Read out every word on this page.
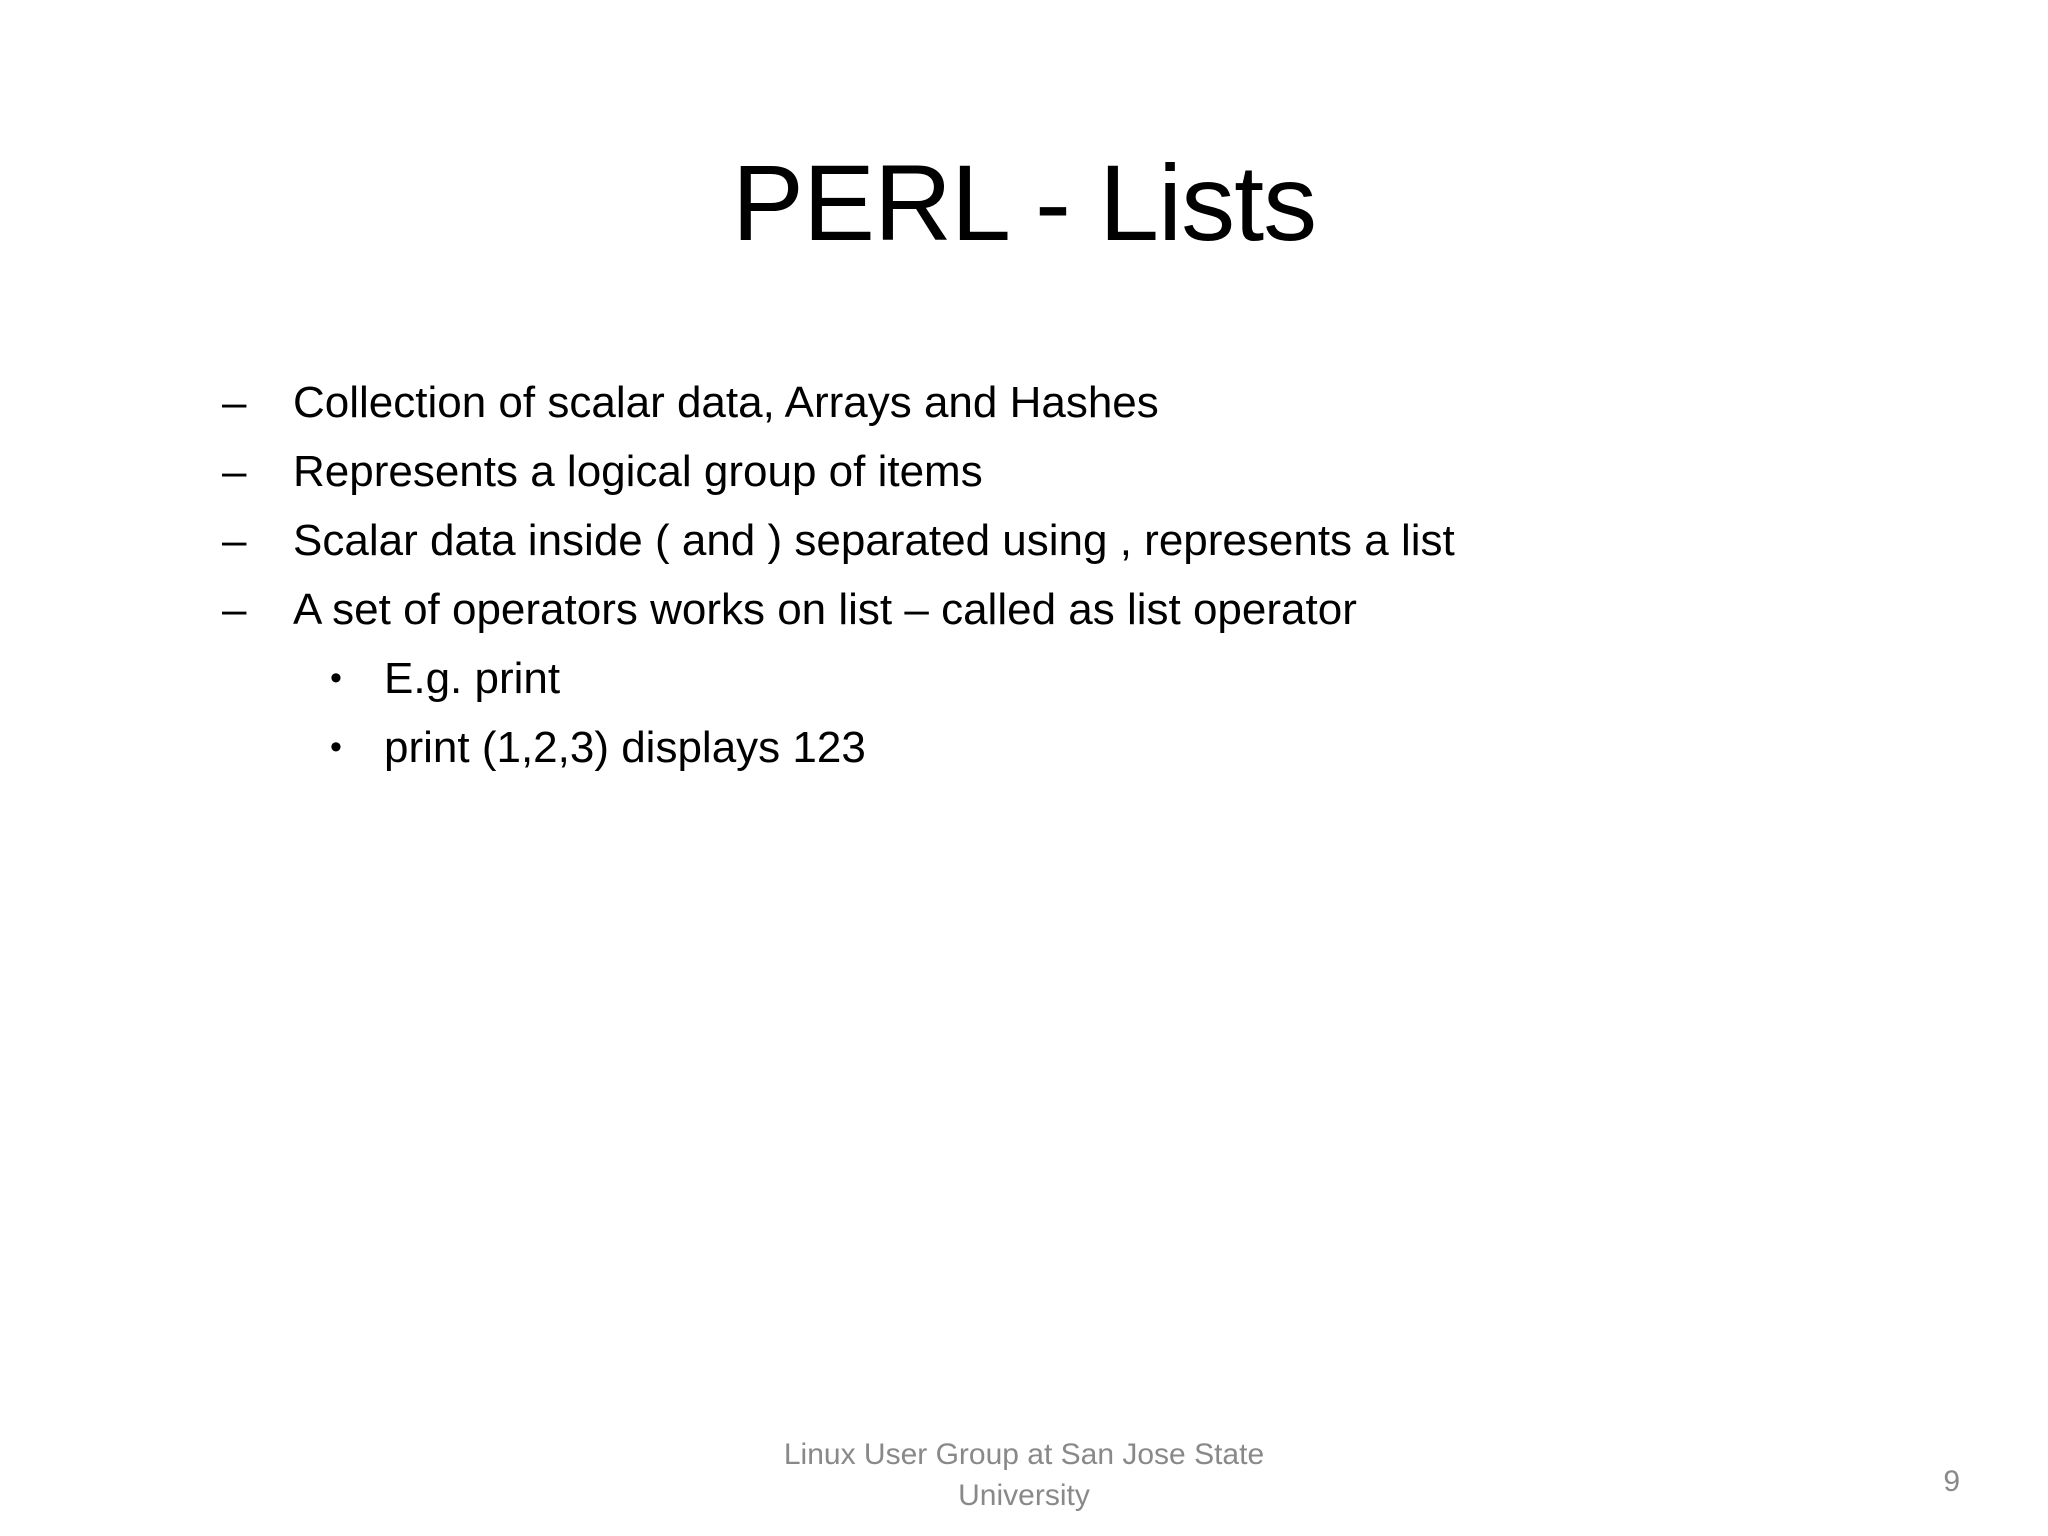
PERL - Lists
–	Collection of scalar data, Arrays and Hashes
–	Represents a logical group of items
–	Scalar data inside ( and ) separated using , represents a list
–	A set of operators works on list – called as list operator
• E.g. print
• print (1,2,3) displays 123
Linux User Group at San Jose State
University	9
